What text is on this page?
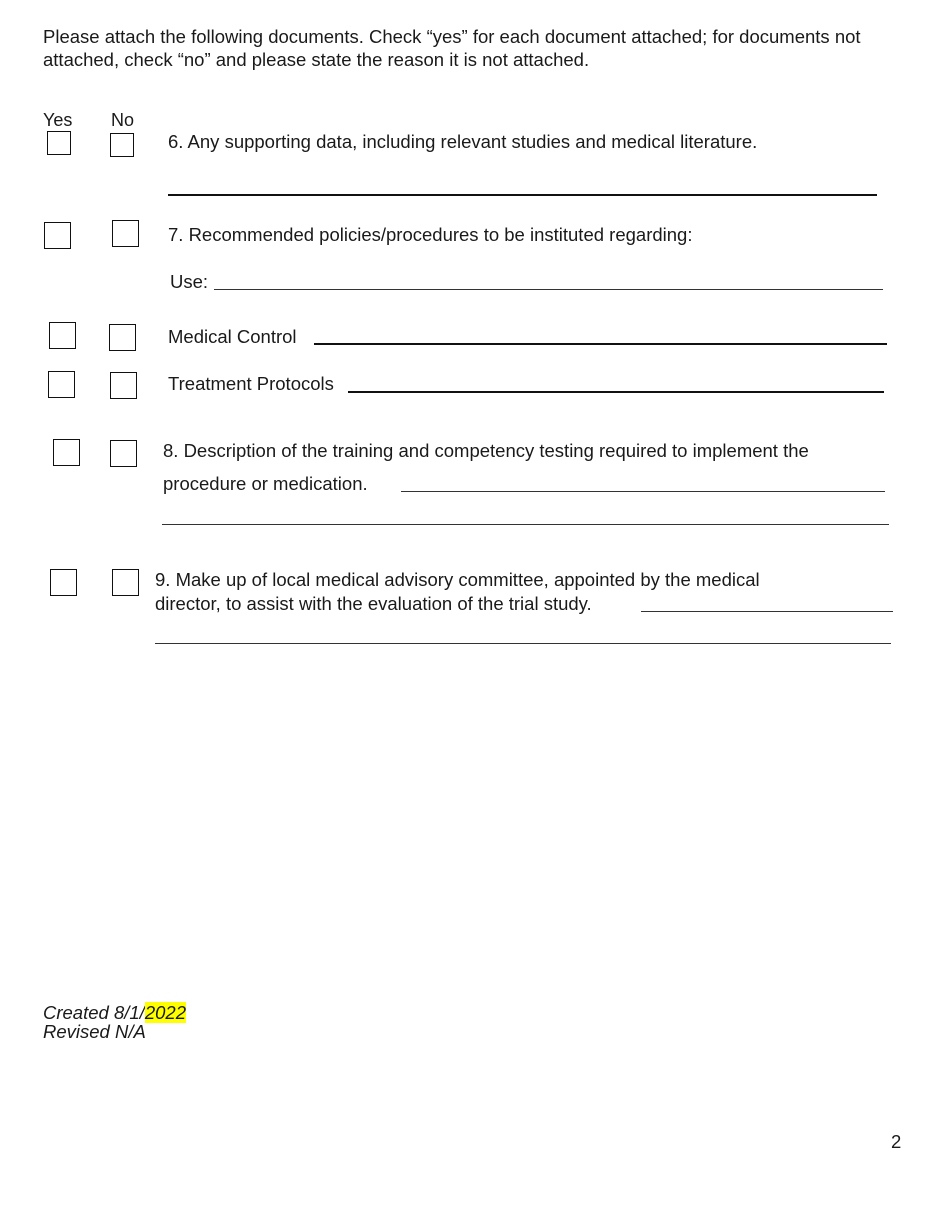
Please attach the following documents. Check “yes” for each document attached; for documents not attached, check “no” and please state the reason it is not attached.
Yes No
6. Any supporting data, including relevant studies and medical literature.
7. Recommended policies/procedures to be instituted regarding:
Use:
Medical Control
Treatment Protocols
8. Description of the training and competency testing required to implement the
procedure or medication.
9. Make up of local medical advisory committee, appointed by the medical
director, to assist with the evaluation of the trial study.
Created 8/1/2022
Revised N/A
2
